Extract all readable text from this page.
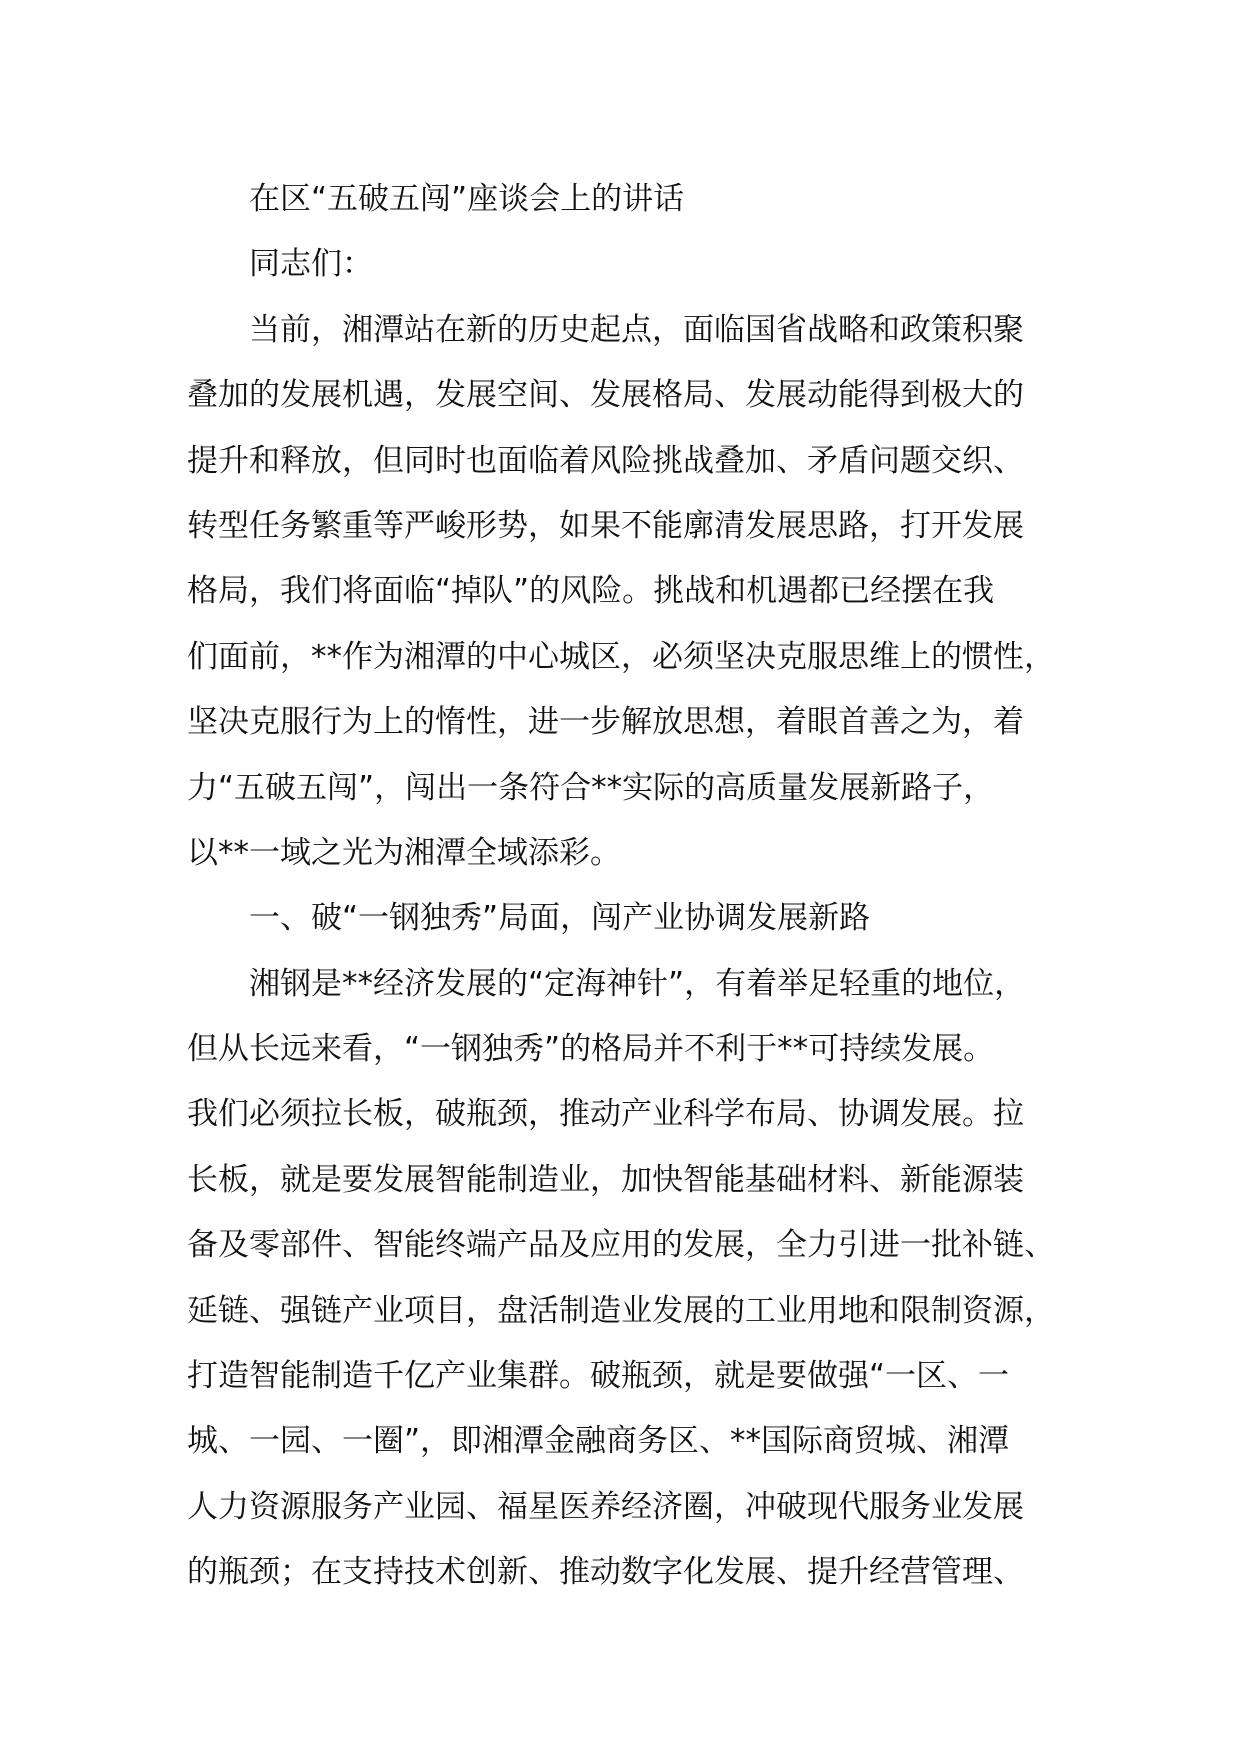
在区“五破五闯”座谈会上的讲话
同志们：
当前，湘潭站在新的历史起点，面临国省战略和政策积聚
叠加的发展机遇，发展空间、发展格局、发展动能得到极大的
提升和释放，但同时也面临着风险挑战叠加、矛盾问题交织、
转型任务繁重等严峻形势，如果不能廓清发展思路，打开发展
格局，我们将面临“掉队”的风险。挑战和机遇都已经摆在我
们面前，**作为湘潭的中心城区，必须坚决克服思维上的惯性，
坚决克服行为上的惰性，进一步解放思想，着眼首善之为，着
力“五破五闯”，闯出一条符合**实际的高质量发展新路子，
以**一域之光为湘潭全域添彩。
一、破“一钢独秀”局面，闯产业协调发展新路
湘钢是**经济发展的“定海神针”，有着举足轻重的地位，
但从长远来看，“一钢独秀”的格局并不利于**可持续发展。
我们必须拉长板，破瓶颈，推动产业科学布局、协调发展。拉
长板，就是要发展智能制造业，加快智能基础材料、新能源装
备及零部件、智能终端产品及应用的发展，全力引进一批补链、
延链、强链产业项目，盘活制造业发展的工业用地和限制资源，
打造智能制造千亿产业集群。破瓶颈，就是要做强“一区、一
城、一园、一圈”，即湘潭金融商务区、**国际商贸城、湘潭
人力资源服务产业园、福星医养经济圈，冲破现代服务业发展
的瓶颈；在支持技术创新、推动数字化发展、提升经营管理、
